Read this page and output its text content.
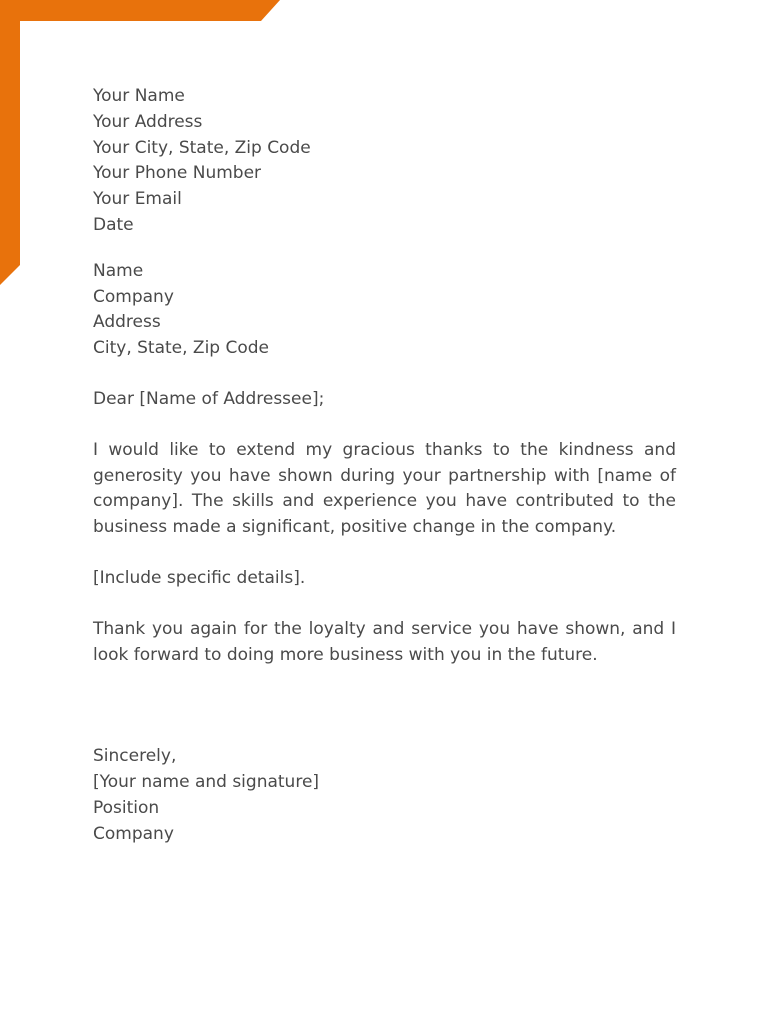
Your Name
Your Address
Your City, State, Zip Code
Your Phone Number
Your Email
Date
Name
Company
Address
City, State, Zip Code
Dear [Name of Addressee];

I would like to extend my gracious thanks to the kindness and generosity you have shown during your partnership with [name of company]. The skills and experience you have contributed to the business made a significant, positive change in the company.

[Include specific details].

Thank you again for the loyalty and service you have shown, and I look forward to doing more business with you in the future.

Sincerely,
[Your name and signature]
Position
Company
